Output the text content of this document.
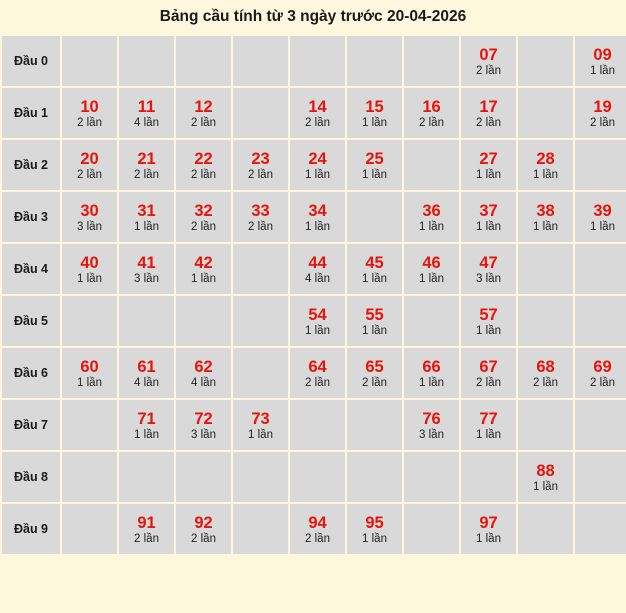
Bảng cầu tính từ 3 ngày trước 20-04-2026
Đầu 0								07
2 lần		09
1 lần

Đầu 1	10
2 lần	11
4 lần	12
2 lần		14
2 lần	15
1 lần	16
2 lần	17
2 lần		19
2 lần

Đầu 2	20
2 lần	21
2 lần	22
2 lần	23
2 lần	24
1 lần	25
1 lần		27
1 lần	28
1 lần	

Đầu 3	30
3 lần	31
1 lần	32
2 lần	33
2 lần	34
1 lần		36
1 lần	37
1 lần	38
1 lần	39
1 lần

Đầu 4	40
1 lần	41
3 lần	42
1 lần		44
4 lần	45
1 lần	46
1 lần	47
3 lần		

Đầu 5					54
1 lần	55
1 lần		57
1 lần		

Đầu 6	60
1 lần	61
4 lần	62
4 lần		64
2 lần	65
2 lần	66
1 lần	67
2 lần	68
2 lần	69
2 lần

Đầu 7		71
1 lần	72
3 lần	73
1 lần			76
3 lần	77
1 lần		

Đầu 8									88
1 lần	

Đầu 9		91
2 lần	92
2 lần		94
2 lần	95
1 lần		97
1 lần		
